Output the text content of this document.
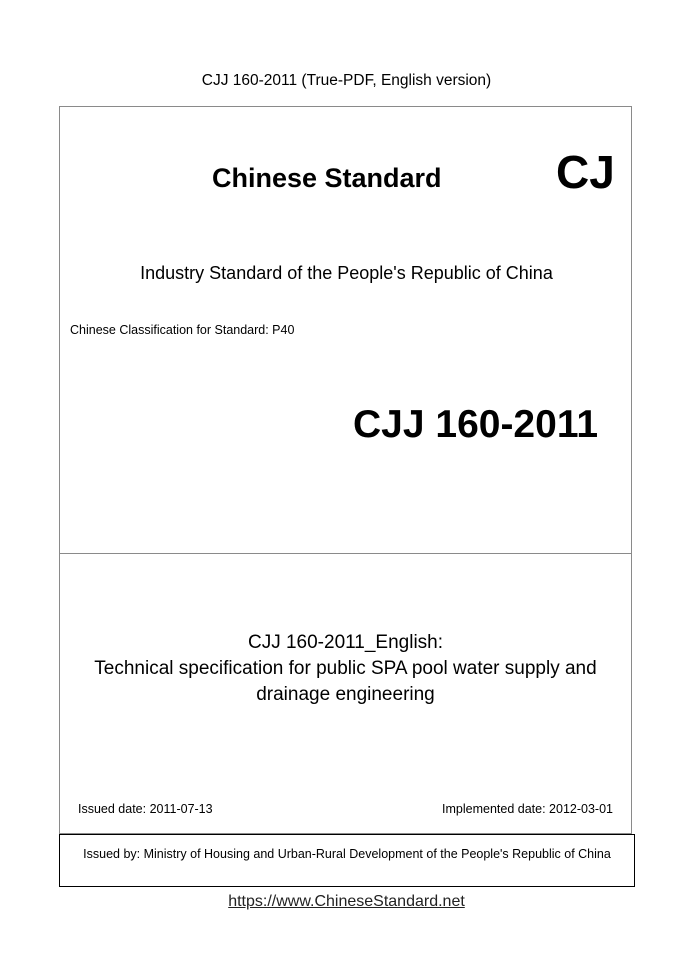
CJJ 160-2011 (True-PDF, English version)
Chinese Standard CJ
Industry Standard of the People's Republic of China
Chinese Classification for Standard: P40
CJJ 160-2011
CJJ 160-2011_English:
Technical specification for public SPA pool water supply and
drainage engineering
Issued date: 2011-07-13	Implemented date: 2012-03-01
Issued by: Ministry of Housing and Urban-Rural Development of the People's Republic of China
https://www.ChineseStandard.net
